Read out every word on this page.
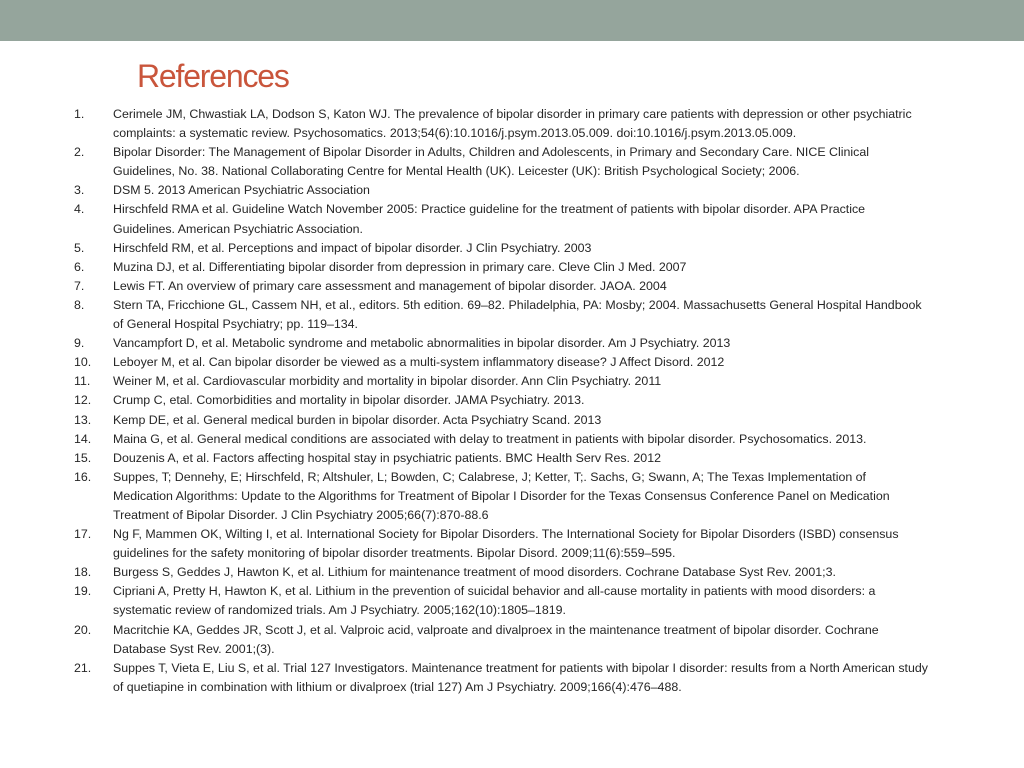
References
1. Cerimele JM, Chwastiak LA, Dodson S, Katon WJ. The prevalence of bipolar disorder in primary care patients with depression or other psychiatric complaints: a systematic review. Psychosomatics. 2013;54(6):10.1016/j.psym.2013.05.009. doi:10.1016/j.psym.2013.05.009.
2. Bipolar Disorder: The Management of Bipolar Disorder in Adults, Children and Adolescents, in Primary and Secondary Care. NICE Clinical Guidelines, No. 38. National Collaborating Centre for Mental Health (UK). Leicester (UK): British Psychological Society; 2006.
3. DSM 5. 2013 American Psychiatric Association
4. Hirschfeld RMA et al. Guideline Watch November 2005: Practice guideline for the treatment of patients with bipolar disorder. APA Practice Guidelines. American Psychiatric Association.
5. Hirschfeld RM, et al. Perceptions and impact of bipolar disorder. J Clin Psychiatry. 2003
6. Muzina DJ, et al. Differentiating bipolar disorder from depression in primary care. Cleve Clin J Med. 2007
7. Lewis FT. An overview of primary care assessment and management of bipolar disorder. JAOA. 2004
8. Stern TA, Fricchione GL, Cassem NH, et al., editors. 5th edition. 69–82. Philadelphia, PA: Mosby; 2004. Massachusetts General Hospital Handbook of General Hospital Psychiatry; pp. 119–134.
9. Vancampfort D, et al. Metabolic syndrome and metabolic abnormalities in bipolar disorder. Am J Psychiatry. 2013
10. Leboyer M, et al. Can bipolar disorder be viewed as a multi-system inflammatory disease? J Affect Disord. 2012
11. Weiner M, et al. Cardiovascular morbidity and mortality in bipolar disorder. Ann Clin Psychiatry. 2011
12. Crump C, etal. Comorbidities and mortality in bipolar disorder. JAMA Psychiatry. 2013.
13. Kemp DE, et al. General medical burden in bipolar disorder. Acta Psychiatry Scand. 2013
14. Maina G, et al. General medical conditions are associated with delay to treatment in patients with bipolar disorder. Psychosomatics. 2013.
15. Douzenis A, et al. Factors affecting hospital stay in psychiatric patients. BMC Health Serv Res. 2012
16. Suppes, T; Dennehy, E; Hirschfeld, R; Altshuler, L; Bowden, C; Calabrese, J; Ketter, T;. Sachs, G; Swann, A; The Texas Implementation of Medication Algorithms: Update to the Algorithms for Treatment of Bipolar I Disorder for the Texas Consensus Conference Panel on Medication Treatment of Bipolar Disorder. J Clin Psychiatry 2005;66(7):870-88.6
17. Ng F, Mammen OK, Wilting I, et al. International Society for Bipolar Disorders. The International Society for Bipolar Disorders (ISBD) consensus guidelines for the safety monitoring of bipolar disorder treatments. Bipolar Disord. 2009;11(6):559–595.
18. Burgess S, Geddes J, Hawton K, et al. Lithium for maintenance treatment of mood disorders. Cochrane Database Syst Rev. 2001;3.
19. Cipriani A, Pretty H, Hawton K, et al. Lithium in the prevention of suicidal behavior and all-cause mortality in patients with mood disorders: a systematic review of randomized trials. Am J Psychiatry. 2005;162(10):1805–1819.
20. Macritchie KA, Geddes JR, Scott J, et al. Valproic acid, valproate and divalproex in the maintenance treatment of bipolar disorder. Cochrane Database Syst Rev. 2001;(3).
21. Suppes T, Vieta E, Liu S, et al. Trial 127 Investigators. Maintenance treatment for patients with bipolar I disorder: results from a North American study of quetiapine in combination with lithium or divalproex (trial 127) Am J Psychiatry. 2009;166(4):476–488.
